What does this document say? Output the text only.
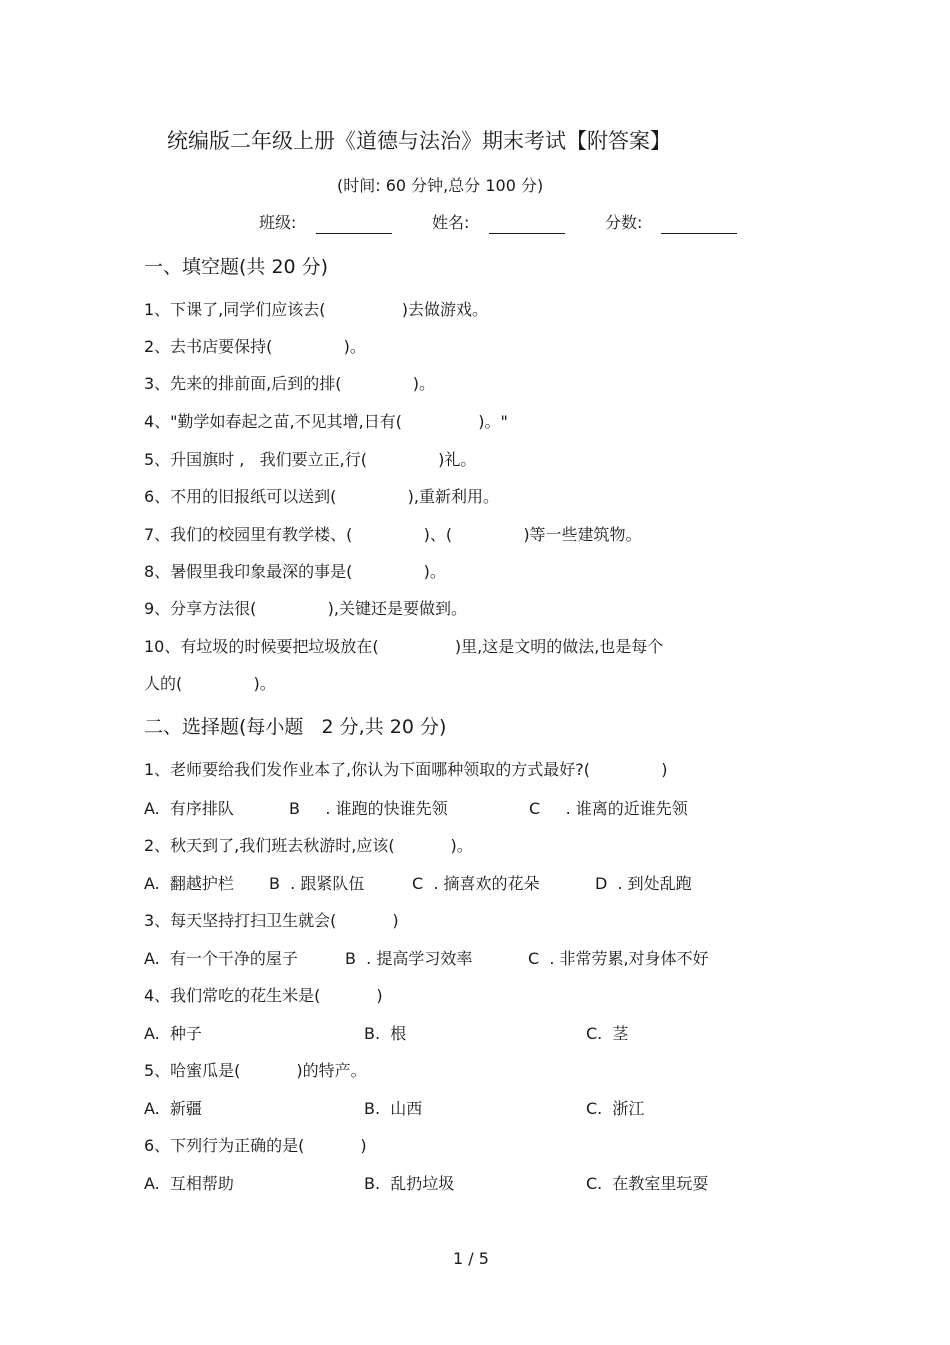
统编版二年级上册《道德与法治》期末考试【附答案】
(时间: 60 分钟,总分 100 分)
班级:	姓名:	分数:
一、填空题(共 20 分)
1、下课了,同学们应该去(               )去做游戏。
2、去书店要保持(              )。
3、先来的排前面,后到的排(              )。
4、"勤学如春起之苗,不见其增,日有(               )。"
5、升国旗时 ,   我们要立正,行(              )礼。
6、不用的旧报纸可以送到(              ),重新利用。
7、我们的校园里有教学楼、(              )、(              )等一些建筑物。
8、暑假里我印象最深的事是(              )。
9、分享方法很(              ),关键还是要做到。
10、有垃圾的时候要把垃圾放在(               )里,这是文明的做法,也是每个
人的(              )。
二、选择题(每小题   2 分,共 20 分)
1、老师要给我们发作业本了,你认为下面哪种领取的方式最好?(              )
A.  有序排队	B     . 谁跑的快谁先领	C     . 谁离的近谁先领
2、秋天到了,我们班去秋游时,应该(           )。
A.  翻越护栏 B  . 跟紧队伍	C  . 摘喜欢的花朵	D  . 到处乱跑
3、每天坚持打扫卫生就会(           )
A.  有一个干净的屋子	B  . 提高学习效率	C  . 非常劳累,对身体不好
4、我们常吃的花生米是(           )
A.  种子	B.  根	C.  茎
5、哈蜜瓜是(           )的特产。
A.  新疆	B.  山西	C.  浙江
6、下列行为正确的是(           )
A.  互相帮助	B.  乱扔垃圾	C.  在教室里玩耍
1 / 5
